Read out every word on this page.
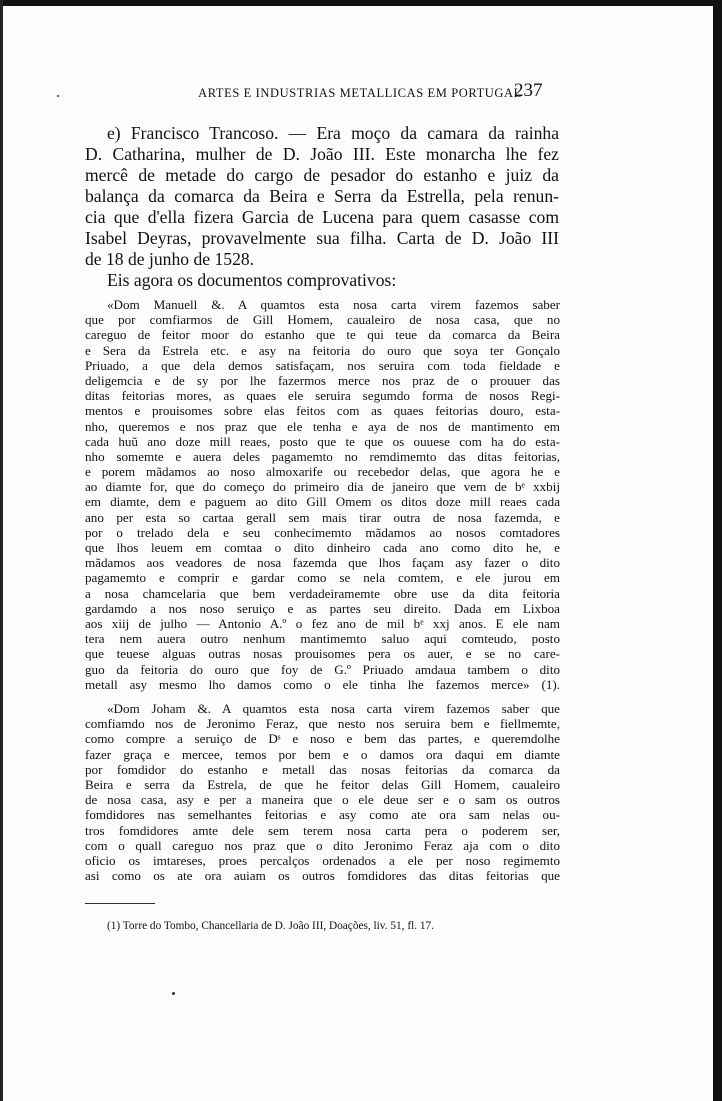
ARTES E INDUSTRIAS METALLICAS EM PORTUGAL
237
e) Francisco Trancoso. — Era moço da camara da rainha
D. Catharina, mulher de D. João III. Este monarcha lhe fez
mercê de metade do cargo de pesador do estanho e juiz da
balança da comarca da Beira e Serra da Estrella, pela renun-
cia que d'ella fizera Garcia de Lucena para quem casasse com
Isabel Deyras, provavelmente sua filha. Carta de D. João III
de 18 de junho de 1528.
Eis agora os documentos comprovativos:
«Dom Manuell &. A quamtos esta nosa carta virem fazemos saber
que por comfiarmos de Gill Homem, caualeiro de nosa casa, que no
careguo de feitor moor do estanho que te qui teue da comarca da Beira
e Sera da Estrela etc. e asy na feitoria do ouro que soya ter Gonçalo
Priuado, a que dela demos satisfaçam, nos seruira com toda fieldade e
deligemcia e de sy por lhe fazermos merce nos praz de o prouuer das
ditas feitorias mores, as quaes ele seruira segumdo forma de nosos Regi-
mentos e prouisomes sobre elas feitos com as quaes feitorias douro, esta-
nho, queremos e nos praz que ele tenha e aya de nos de mantimento em
cada huũ ano doze mill reaes, posto que te que os ouuese com ha do esta-
nho somemte e auera deles pagamemto no remdimemto das ditas feitorias,
e porem mãdamos ao noso almoxarife ou recebedor delas, que agora he e
ao diamte for, que do começo do primeiro dia de janeiro que vem de bᵉ xxbij
em diamte, dem e paguem ao dito Gill Omem os ditos doze mill reaes cada
ano per esta so cartaa gerall sem mais tirar outra de nosa fazemda, e
por o trelado dela e seu conhecimemto mãdamos ao nosos comtadores
que lhos leuem em comtaa o dito dinheiro cada ano como dito he, e
mãdamos aos veadores de nosa fazemda que lhos façam asy fazer o dito
pagamemto e comprir e gardar como se nela comtem, e ele jurou em
a nosa chamcelaria que bem verdadeiramemte obre use da dita feitoria
gardamdo a nos noso seruiço e as partes seu direito. Dada em Lixboa
aos xiij de julho — Antonio A.º o fez ano de mil bᵉ xxj anos. E ele nam
tera nem auera outro nenhum mantimemto saluo aqui comteudo, posto
que teuese alguas outras nosas prouisomes pera os auer, e se no care-
guo da feitoria do ouro que foy de G.º Priuado amdaua tambem o dito
metall asy mesmo lho damos como o ele tinha lhe fazemos merce» (1).
«Dom Joham &. A quamtos esta nosa carta virem fazemos saber que
comfiamdo nos de Jeronimo Feraz, que nesto nos seruira bem e fiellmemte,
como compre a seruiço de Dˢ e noso e bem das partes, e queremdolhe
fazer graça e mercee, temos por bem e o damos ora daqui em diamte
por fomdidor do estanho e metall das nosas feitorias da comarca da
Beira e serra da Estrela, de que he feitor delas Gill Homem, caualeiro
de nosa casa, asy e per a maneira que o ele deue ser e o sam os outros
fomdidores nas semelhantes feitorias e asy como ate ora sam nelas ou-
tros fomdidores amte dele sem terem nosa carta pera o poderem ser,
com o quall careguo nos praz que o dito Jeronimo Feraz aja com o dito
oficio os imtareses, proes percalços ordenados a ele per noso regimemto
asi como os ate ora auiam os outros fomdidores das ditas feitorias que
(1) Torre do Tombo, Chancellaria de D. João III, Doações, liv. 51, fl. 17.
